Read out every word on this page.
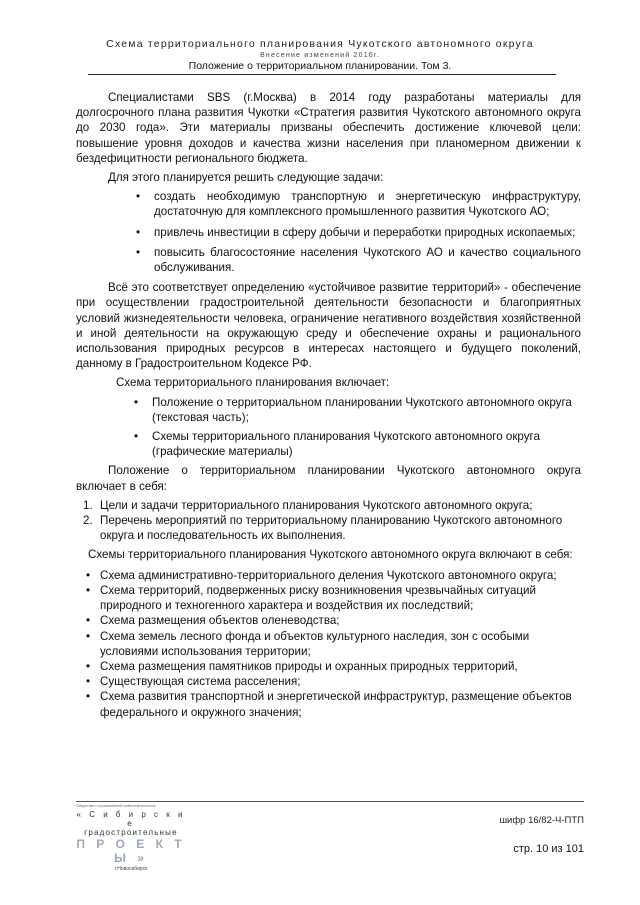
Схема территориального планирования Чукотского автономного округа
Внесение изменений 2016г.
Положение о территориальном планировании. Том 3.

Специалистами SBS (г.Москва) в 2014 году разработаны материалы для долгосрочного плана развития Чукотки «Стратегия развития Чукотского автономного округа до 2030 года». Эти материалы призваны обеспечить достижение ключевой цели: повышение уровня доходов и качества жизни населения при планомерном движении к бездефицитности регионального бюджета.

Для этого планируется решить следующие задачи:

• создать необходимую транспортную и энергетическую инфраструктуру, достаточную для комплексного промышленного развития Чукотского АО;
• привлечь инвестиции в сферу добычи и переработки природных ископаемых;
• повысить благосостояние населения Чукотского АО и качество социального обслуживания.

Всё это соответствует определению «устойчивое развитие территорий» - обеспечение при осуществлении градостроительной деятельности безопасности и благоприятных условий жизнедеятельности человека, ограничение негативного воздействия хозяйственной и иной деятельности на окружающую среду и обеспечение охраны и рационального использования природных ресурсов в интересах настоящего и будущего поколений, данному в Градостроительном Кодексе РФ.

Схема территориального планирования включает:

• Положение о территориальном планировании Чукотского автономного округа (текстовая часть);
• Схемы территориального планирования Чукотского автономного округа (графические материалы)

Положение о территориальном планировании Чукотского автономного округа включает в себя:

1. Цели и задачи территориального планирования Чукотского автономного округа;
2. Перечень мероприятий по территориальному планированию Чукотского автономного округа и последовательность их выполнения.

Схемы территориального планирования Чукотского автономного округа включают в себя:

• Схема административно-территориального деления Чукотского автономного округа;
• Схема территорий, подверженных риску возникновения чрезвычайных ситуаций природного и техногенного характера и воздействия их последствий;
• Схема размещения объектов оленеводства;
• Схема земель лесного фонда и объектов культурного наследия, зон с особыми условиями использования территории;
• Схема размещения памятников природы и охранных природных территорий,
• Существующая система расселения;
• Схема развития транспортной и энергетической инфраструктур, размещение объектов федерального и окружного значения;
Общество с ограниченной ответственностью
« С и б и р с к и е
градостроительные
П Р О Е К Т Ы »
г.Новосибирск
шифр 16/82-Ч-ПТП
стр. 10 из 101
